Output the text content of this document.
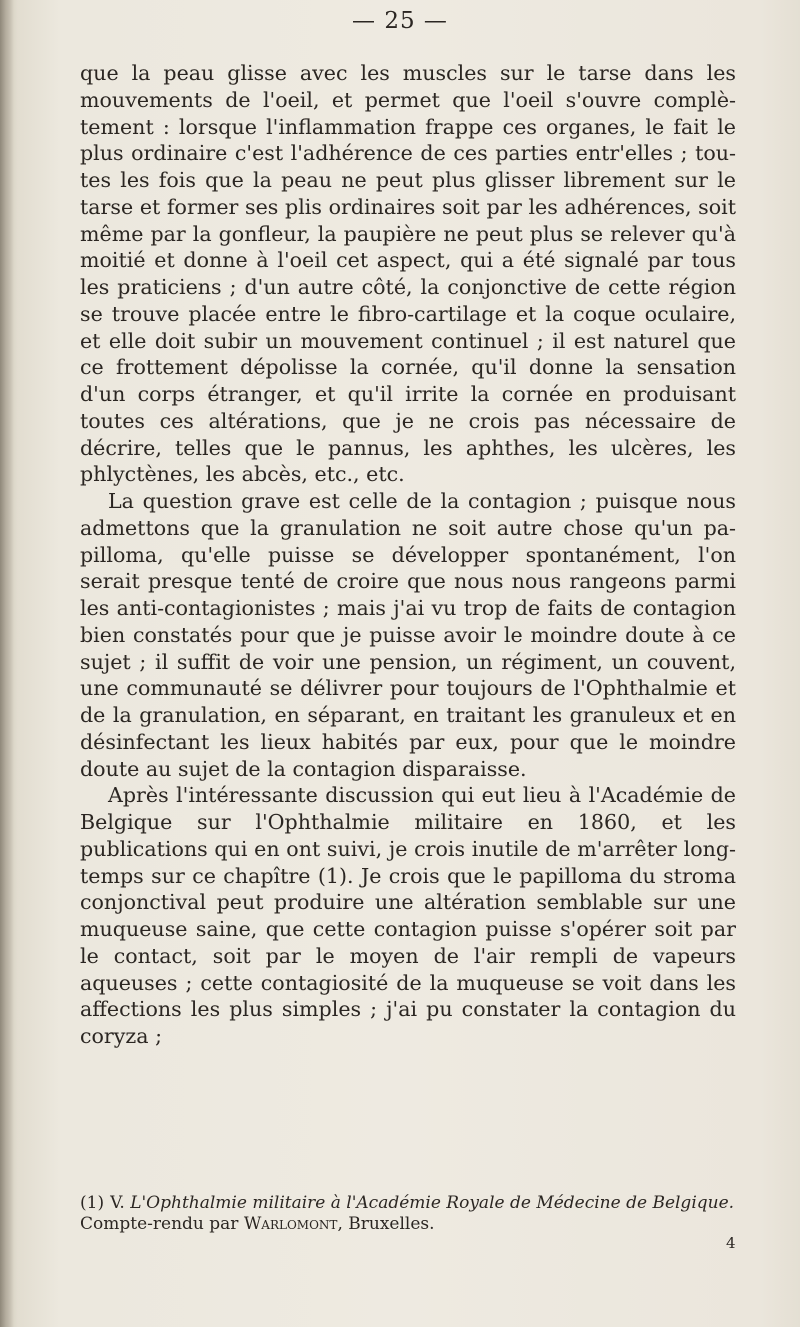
— 25 —

que la peau glisse avec les muscles sur le tarse dans les mouvements de l'oeil, et permet que l'oeil s'ouvre complètement : lorsque l'inflammation frappe ces organes, le fait le plus ordinaire c'est l'adhérence de ces parties entr'elles ; toutes les fois que la peau ne peut plus glisser librement sur le tarse et former ses plis ordinaires soit par les adhérences, soit même par la gonfleur, la paupière ne peut plus se relever qu'à moitié et donne à l'oeil cet aspect, qui a été signalé par tous les praticiens ; d'un autre côté, la conjonctive de cette région se trouve placée entre le fibro-cartilage et la coque oculaire, et elle doit subir un mouvement continuel ; il est naturel que ce frottement dépolisse la cornée, qu'il donne la sensation d'un corps étranger, et qu'il irrite la cornée en produisant toutes ces altérations, que je ne crois pas nécessaire de décrire, telles que le pannus, les aphthes, les ulcères, les phlyctènes, les abcès, etc., etc.

La question grave est celle de la contagion ; puisque nous admettons que la granulation ne soit autre chose qu'un papilloma, qu'elle puisse se développer spontanément, l'on serait presque tenté de croire que nous nous rangeons parmi les anti-contagionistes ; mais j'ai vu trop de faits de contagion bien constatés pour que je puisse avoir le moindre doute à ce sujet ; il suffit de voir une pension, un régiment, un couvent, une communauté se délivrer pour toujours de l'Ophthalmie et de la granulation, en séparant, en traitant les granuleux et en désinfectant les lieux habités par eux, pour que le moindre doute au sujet de la contagion disparaisse.

Après l'intéressante discussion qui eut lieu à l'Académie de Belgique sur l'Ophthalmie militaire en 1860, et les publications qui en ont suivi, je crois inutile de m'arrêter long-temps sur ce chapître (1). Je crois que le papilloma du stroma conjonctival peut produire une altération semblable sur une muqueuse saine, que cette contagion puisse s'opérer soit par le contact, soit par le moyen de l'air rempli de vapeurs aqueuses ; cette contagiosité de la muqueuse se voit dans les affections les plus simples ; j'ai pu constater la contagion du coryza ;

(1) V. L'Ophthalmie militaire à l'Académie Royale de Médecine de Belgique. Compte-rendu par Warlomont, Bruxelles.
4
